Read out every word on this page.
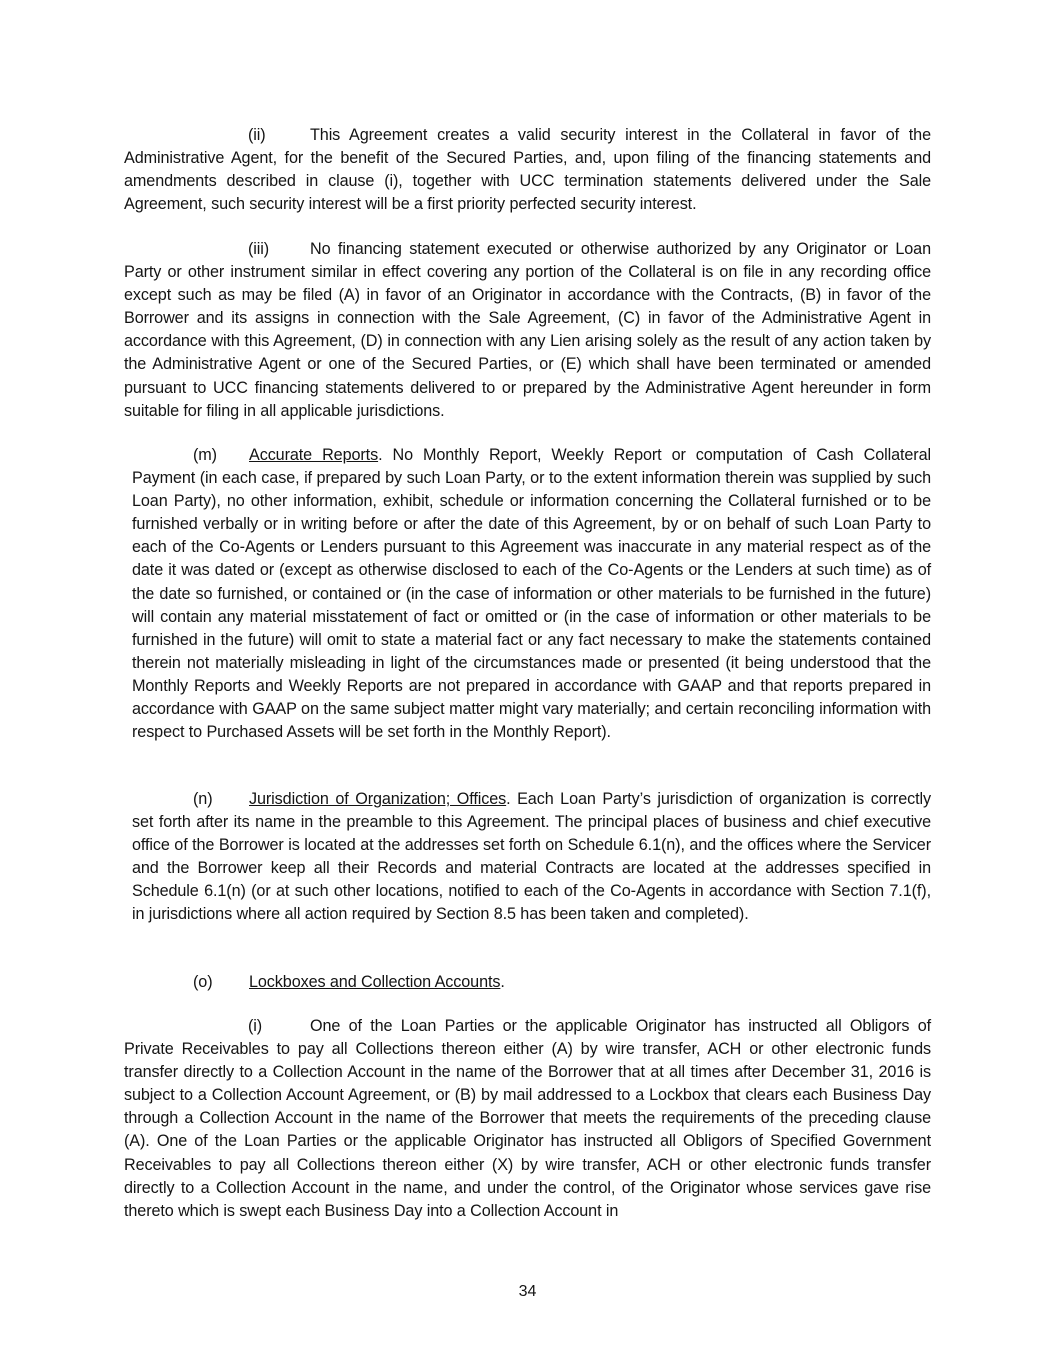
(ii)	This Agreement creates a valid security interest in the Collateral in favor of the Administrative Agent, for the benefit of the Secured Parties, and, upon filing of the financing statements and amendments described in clause (i), together with UCC termination statements delivered under the Sale Agreement, such security interest will be a first priority perfected security interest.

(iii)	No financing statement executed or otherwise authorized by any Originator or Loan Party or other instrument similar in effect covering any portion of the Collateral is on file in any recording office except such as may be filed (A) in favor of an Originator in accordance with the Contracts, (B) in favor of the Borrower and its assigns in connection with the Sale Agreement, (C) in favor of the Administrative Agent in accordance with this Agreement, (D) in connection with any Lien arising solely as the result of any action taken by the Administrative Agent or one of the Secured Parties, or (E) which shall have been terminated or amended pursuant to UCC financing statements delivered to or prepared by the Administrative Agent hereunder in form suitable for filing in all applicable jurisdictions.

(m) Accurate Reports. No Monthly Report, Weekly Report or computation of Cash Collateral Payment (in each case, if prepared by such Loan Party, or to the extent information therein was supplied by such Loan Party), no other information, exhibit, schedule or information concerning the Collateral furnished or to be furnished verbally or in writing before or after the date of this Agreement, by or on behalf of such Loan Party to each of the Co-Agents or Lenders pursuant to this Agreement was inaccurate in any material respect as of the date it was dated or (except as otherwise disclosed to each of the Co-Agents or the Lenders at such time) as of the date so furnished, or contained or (in the case of information or other materials to be furnished in the future) will contain any material misstatement of fact or omitted or (in the case of information or other materials to be furnished in the future) will omit to state a material fact or any fact necessary to make the statements contained therein not materially misleading in light of the circumstances made or presented (it being understood that the Monthly Reports and Weekly Reports are not prepared in accordance with GAAP and that reports prepared in accordance with GAAP on the same subject matter might vary materially; and certain reconciling information with respect to Purchased Assets will be set forth in the Monthly Report).

(n) Jurisdiction of Organization; Offices. Each Loan Party’s jurisdiction of organization is correctly set forth after its name in the preamble to this Agreement. The principal places of business and chief executive office of the Borrower is located at the addresses set forth on Schedule 6.1(n), and the offices where the Servicer and the Borrower keep all their Records and material Contracts are located at the addresses specified in Schedule 6.1(n) (or at such other locations, notified to each of the Co-Agents in accordance with Section 7.1(f), in jurisdictions where all action required by Section 8.5 has been taken and completed).

(o) Lockboxes and Collection Accounts.

(i)	One of the Loan Parties or the applicable Originator has instructed all Obligors of Private Receivables to pay all Collections thereon either (A) by wire transfer, ACH or other electronic funds transfer directly to a Collection Account in the name of the Borrower that at all times after December 31, 2016 is subject to a Collection Account Agreement, or (B) by mail addressed to a Lockbox that clears each Business Day through a Collection Account in the name of the Borrower that meets the requirements of the preceding clause (A). One of the Loan Parties or the applicable Originator has instructed all Obligors of Specified Government Receivables to pay all Collections thereon either (X) by wire transfer, ACH or other electronic funds transfer directly to a Collection Account in the name, and under the control, of the Originator whose services gave rise thereto which is swept each Business Day into a Collection Account in

34
